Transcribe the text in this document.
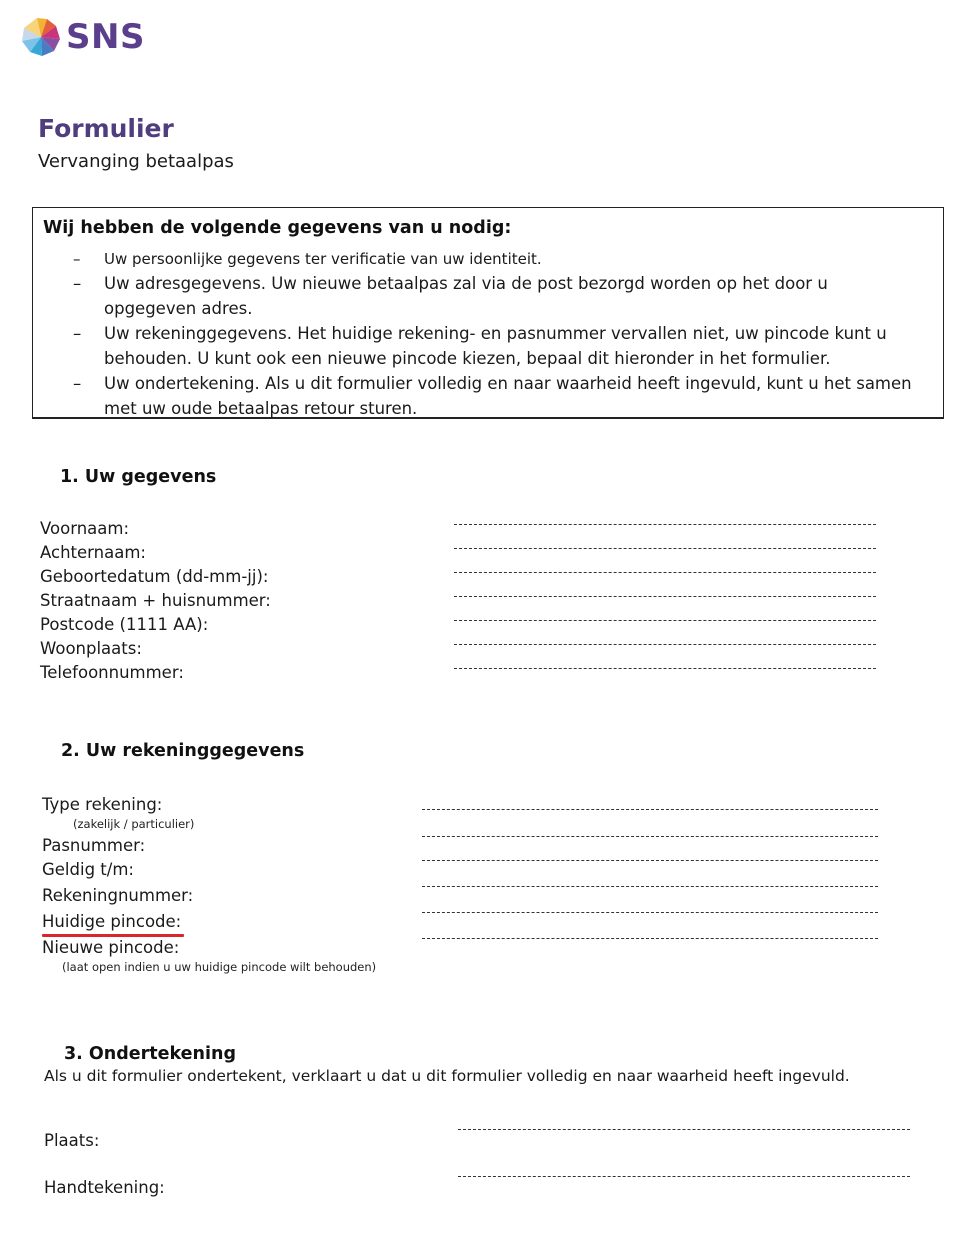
SNS
Formulier
Vervanging betaalpas
Wij hebben de volgende gegevens van u nodig:
– Uw persoonlijke gegevens ter verificatie van uw identiteit.
– Uw adresgegevens. Uw nieuwe betaalpas zal via de post bezorgd worden op het door u opgegeven adres.
– Uw rekeninggegevens. Het huidige rekening- en pasnummer vervallen niet, uw pincode kunt u behouden. U kunt ook een nieuwe pincode kiezen, bepaal dit hieronder in het formulier.
– Uw ondertekening. Als u dit formulier volledig en naar waarheid heeft ingevuld, kunt u het samen met uw oude betaalpas retour sturen.
1. Uw gegevens
Voornaam:
Achternaam:
Geboortedatum (dd-mm-jj):
Straatnaam + huisnummer:
Postcode (1111 AA):
Woonplaats:
Telefoonnummer:
2. Uw rekeninggegevens
Type rekening:
(zakelijk / particulier)
Pasnummer:
Geldig t/m:
Rekeningnummer:
Huidige pincode:
Nieuwe pincode:
(laat open indien u uw huidige pincode wilt behouden)
3. Ondertekening
Als u dit formulier ondertekent, verklaart u dat u dit formulier volledig en naar waarheid heeft ingevuld.
Plaats:
Handtekening:
